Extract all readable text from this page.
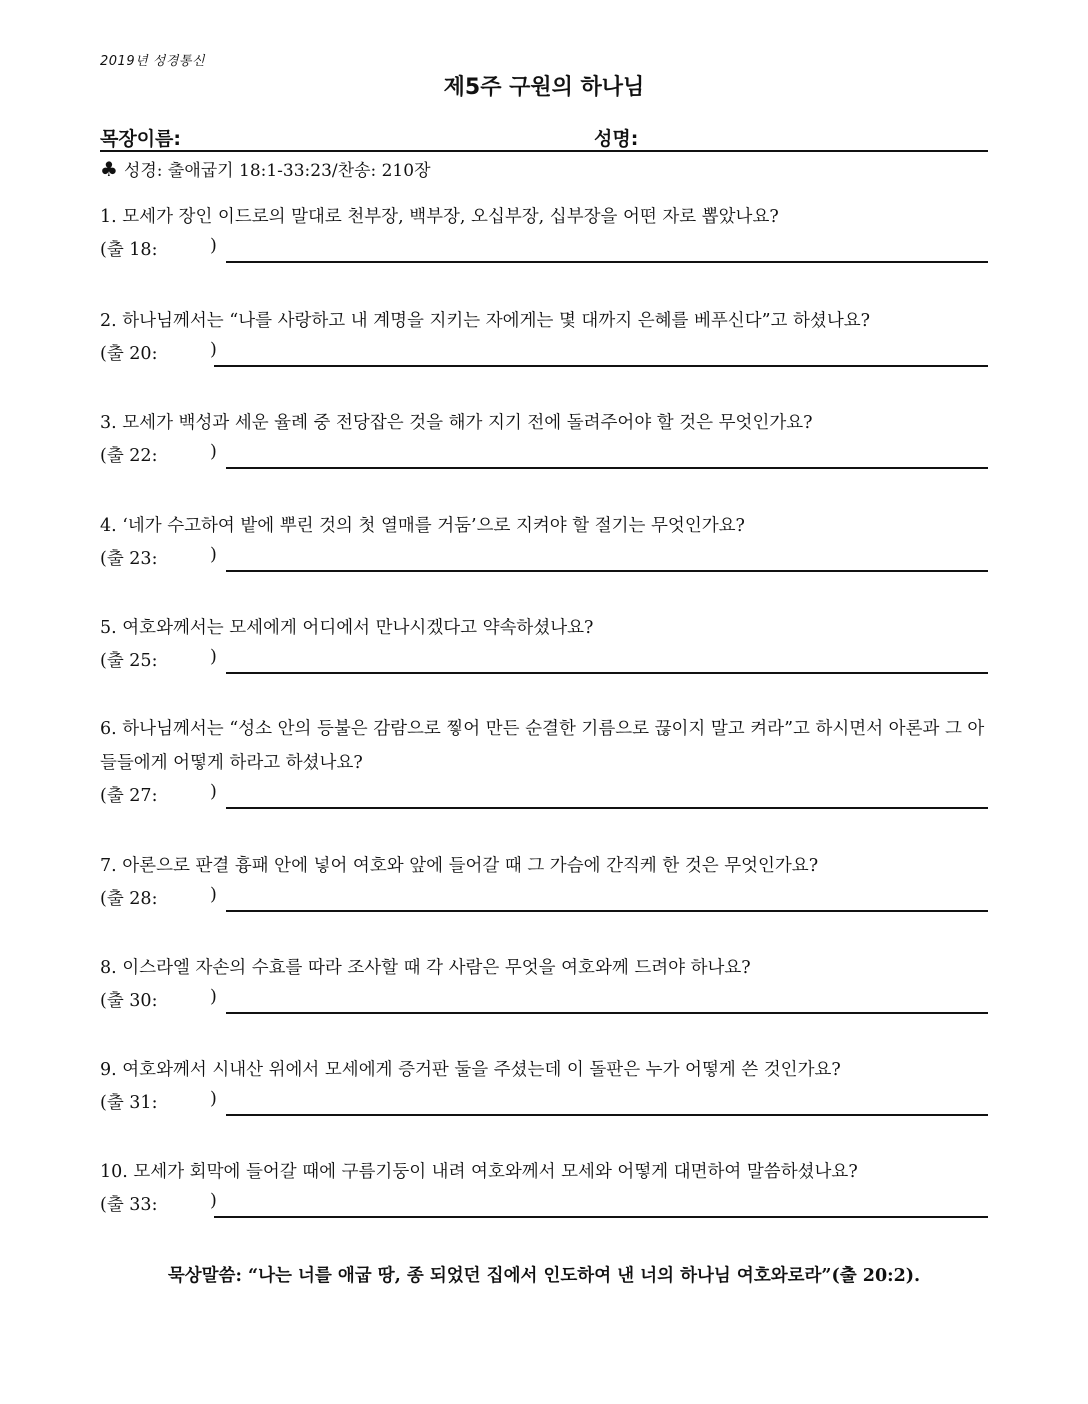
2019년 성경통신
제5주 구원의 하나님
목장이름:	성명:
♣ 성경: 출애굽기 18:1-33:23/찬송: 210장
1. 모세가 장인 이드로의 말대로 천부장, 백부장, 오십부장, 십부장을 어떤 자로 뽑았나요?
(출 18:	)
2. 하나님께서는 “나를 사랑하고 내 계명을 지키는 자에게는 몇 대까지 은혜를 베푸신다”고 하셨나요?
(출 20:	)
3. 모세가 백성과 세운 율례 중 전당잡은 것을 해가 지기 전에 돌려주어야 할 것은 무엇인가요?
(출 22:	)
4. ‘네가 수고하여 밭에 뿌린 것의 첫 열매를 거둠’으로 지켜야 할 절기는 무엇인가요?
(출 23:	)
5. 여호와께서는 모세에게 어디에서 만나시겠다고 약속하셨나요?
(출 25:	)
6. 하나님께서는 “성소 안의 등불은 감람으로 찧어 만든 순결한 기름으로 끊이지 말고 켜라”고 하시면서 아론과 그 아들들에게 어떻게 하라고 하셨나요?
(출 27:	)
7. 아론으로 판결 흉패 안에 넣어 여호와 앞에 들어갈 때 그 가슴에 간직케 한 것은 무엇인가요?
(출 28:	)
8. 이스라엘 자손의 수효를 따라 조사할 때 각 사람은 무엇을 여호와께 드려야 하나요?
(출 30:	)
9. 여호와께서 시내산 위에서 모세에게 증거판 둘을 주셨는데 이 돌판은 누가 어떻게 쓴 것인가요?
(출 31:	)
10. 모세가 회막에 들어갈 때에 구름기둥이 내려 여호와께서 모세와 어떻게 대면하여 말씀하셨나요?
(출 33:	)
묵상말씀: “나는 너를 애굽 땅, 종 되었던 집에서 인도하여 낸 너의 하나님 여호와로라”(출 20:2).
